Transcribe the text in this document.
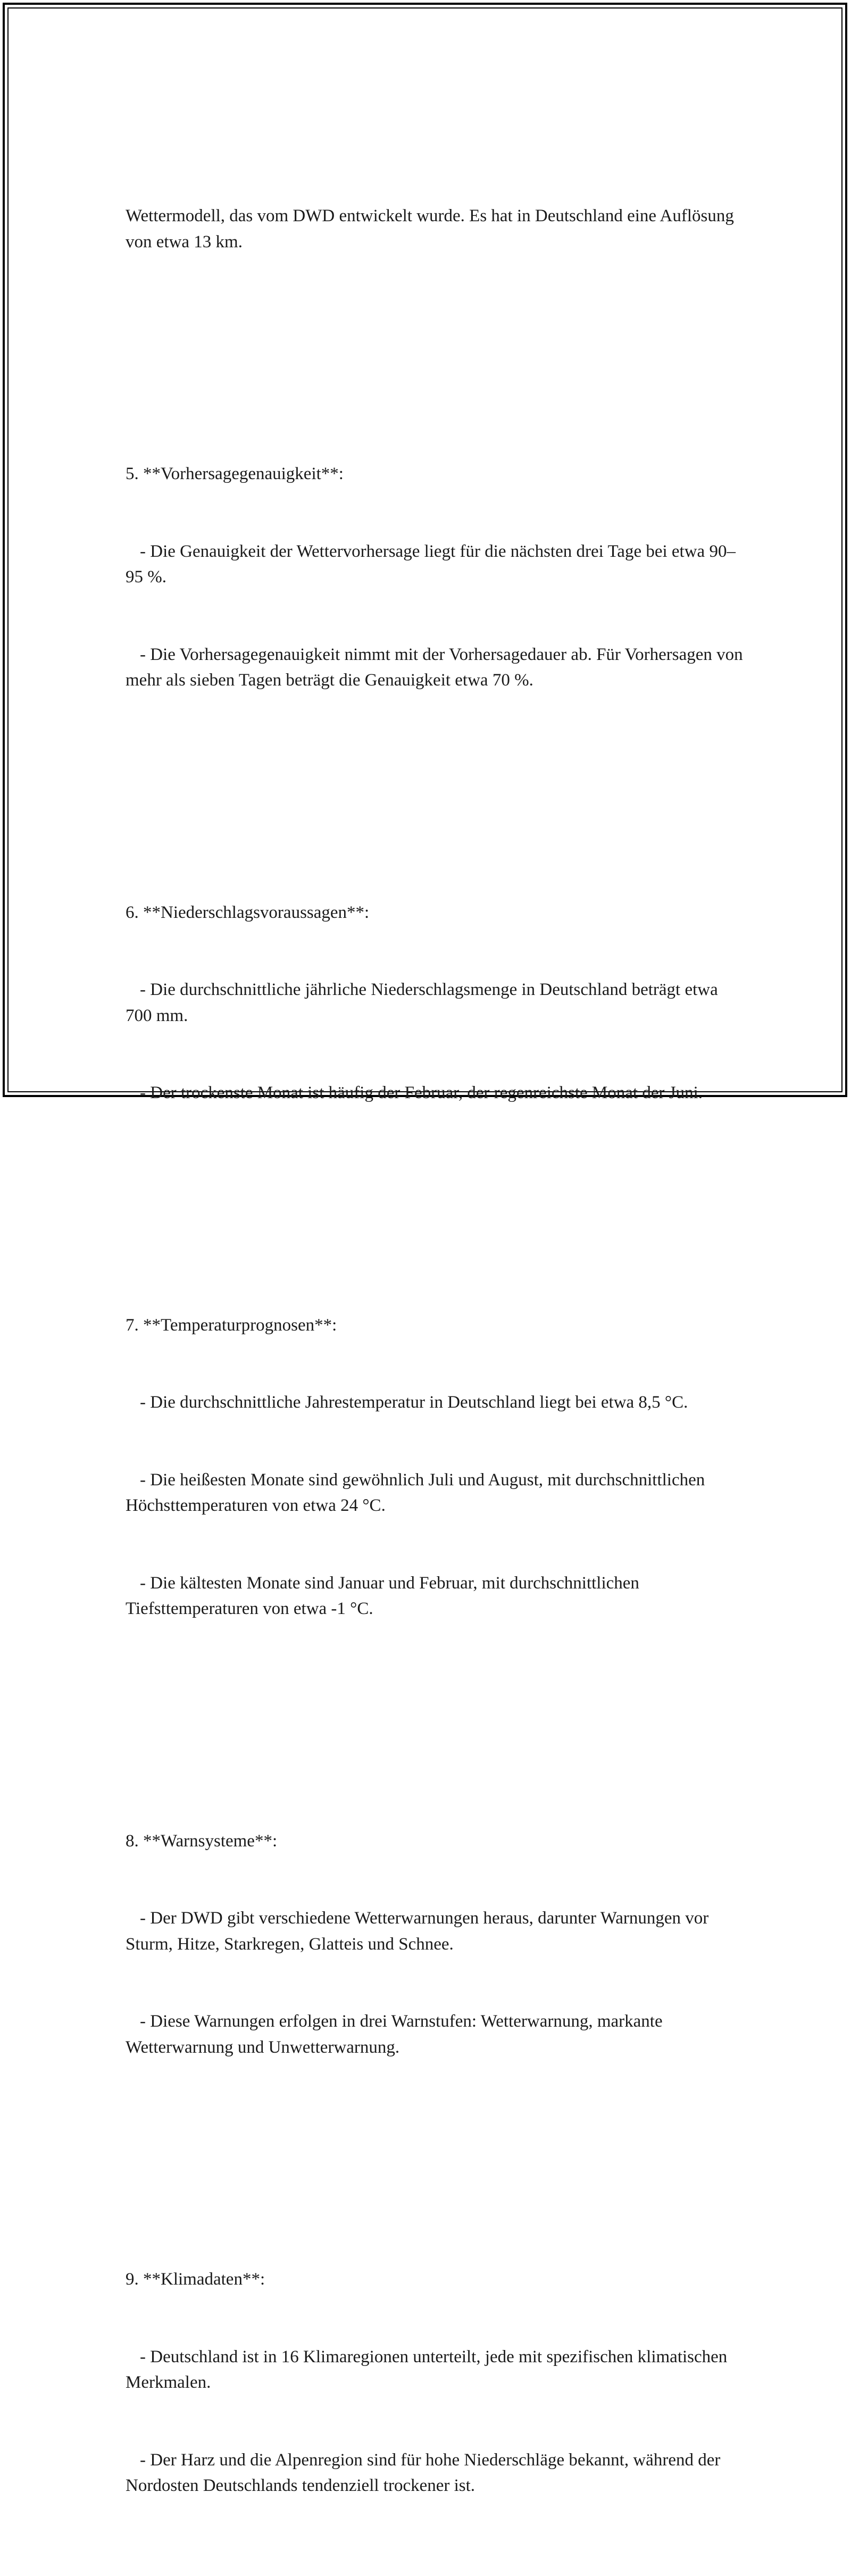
Wettermodell, das vom DWD entwickelt wurde. Es hat in Deutschland eine Auflösung von etwa 13 km.

5. **Vorhersagegenauigkeit**:

- Die Genauigkeit der Wettervorhersage liegt für die nächsten drei Tage bei etwa 90–95 %.

- Die Vorhersagegenauigkeit nimmt mit der Vorhersagedauer ab. Für Vorhersagen von mehr als sieben Tagen beträgt die Genauigkeit etwa 70 %.

6. **Niederschlagsvoraussagen**:

- Die durchschnittliche jährliche Niederschlagsmenge in Deutschland beträgt etwa 700 mm.

- Der trockenste Monat ist häufig der Februar, der regenreichste Monat der Juni.

7. **Temperaturprognosen**:

- Die durchschnittliche Jahrestemperatur in Deutschland liegt bei etwa 8,5 °C.

- Die heißesten Monate sind gewöhnlich Juli und August, mit durchschnittlichen Höchsttemperaturen von etwa 24 °C.

- Die kältesten Monate sind Januar und Februar, mit durchschnittlichen Tiefsttemperaturen von etwa -1 °C.

8. **Warnsysteme**:

- Der DWD gibt verschiedene Wetterwarnungen heraus, darunter Warnungen vor Sturm, Hitze, Starkregen, Glatteis und Schnee.

- Diese Warnungen erfolgen in drei Warnstufen: Wetterwarnung, markante Wetterwarnung und Unwetterwarnung.

9. **Klimadaten**:

- Deutschland ist in 16 Klimaregionen unterteilt, jede mit spezifischen klimatischen Merkmalen.

- Der Harz und die Alpenregion sind für hohe Niederschläge bekannt, während der Nordosten Deutschlands tendenziell trockener ist.
